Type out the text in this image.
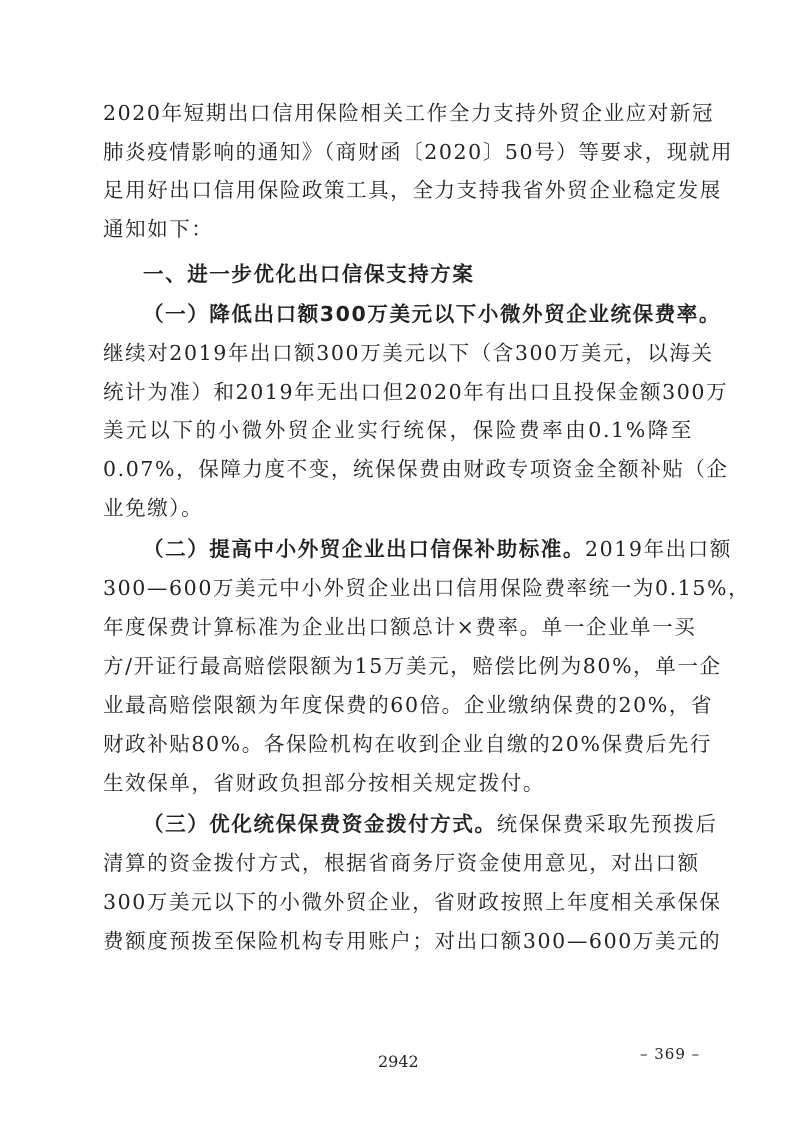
2020年短期出口信用保险相关工作全力支持外贸企业应对新冠
肺炎疫情影响的通知》（商财函〔2020〕50号）等要求，现就用
足用好出口信用保险政策工具，全力支持我省外贸企业稳定发展
通知如下：
一、进一步优化出口信保支持方案
（一）降低出口额300万美元以下小微外贸企业统保费率。
继续对2019年出口额300万美元以下（含300万美元，以海关
统计为准）和2019年无出口但2020年有出口且投保金额300万
美元以下的小微外贸企业实行统保，保险费率由0.1%降至
0.07%，保障力度不变，统保保费由财政专项资金全额补贴（企
业免缴）。
（二）提高中小外贸企业出口信保补助标准。2019年出口额
300—600万美元中小外贸企业出口信用保险费率统一为0.15%，
年度保费计算标准为企业出口额总计×费率。单一企业单一买
方/开证行最高赔偿限额为15万美元，赔偿比例为80%，单一企
业最高赔偿限额为年度保费的60倍。企业缴纳保费的20%，省
财政补贴80%。各保险机构在收到企业自缴的20%保费后先行
生效保单，省财政负担部分按相关规定拨付。
（三）优化统保保费资金拨付方式。统保保费采取先预拨后
清算的资金拨付方式，根据省商务厅资金使用意见，对出口额
300万美元以下的小微外贸企业，省财政按照上年度相关承保保
费额度预拨至保险机构专用账户；对出口额300—600万美元的
– 369 –
2942
